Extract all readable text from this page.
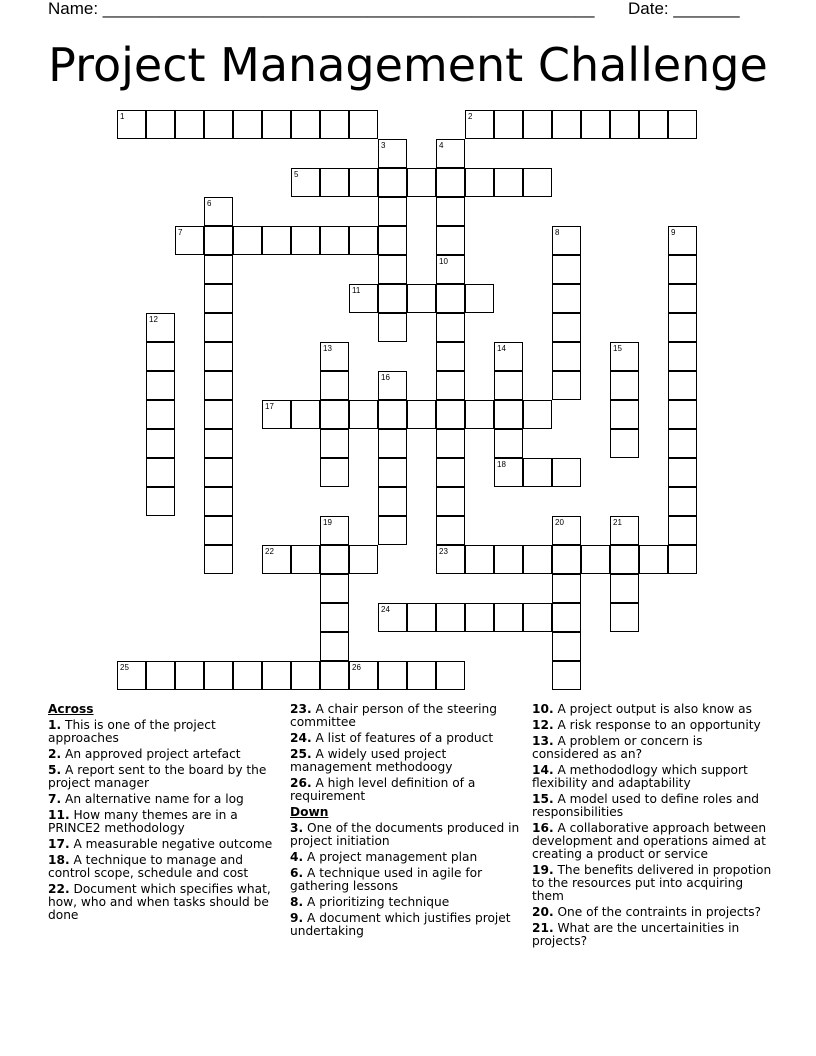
Name: ____________________________________________________ Date: _______
Project Management Challenge
1	2
3	4
5
6
7	8	9
10
23
11
12
13	14	15
16
17
18
19	20	21
22
24
25	26
Across
1. This is one of the project approaches
2. An approved project artefact
5. A report sent to the board by the project manager
7. An alternative name for a log
11. How many themes are in a PRINCE2 methodology
17. A measurable negative outcome
18. A technique to manage and control scope, schedule and cost
22. Document which specifies what, how, who and when tasks should be done
23. A chair person of the steering committee
24. A list of features of a product
25. A widely used project management methodoogy
26. A high level definition of a requirement
Down
3. One of the documents produced in project initiation
4. A project management plan
6. A technique used in agile for gathering lessons
8. A prioritizing technique
9. A document which justifies projet undertaking
10. A project output is also know as
12. A risk response to an opportunity
13. A problem or concern is considered as an?
14. A methododlogy which support flexibility and adaptability
15. A model used to define roles and responsibilities
16. A collaborative approach between development and operations aimed at creating a product or service
19. The benefits delivered in propotion to the resources put into acquiring them
20. One of the contraints in projects?
21. What are the uncertainities in projects?
